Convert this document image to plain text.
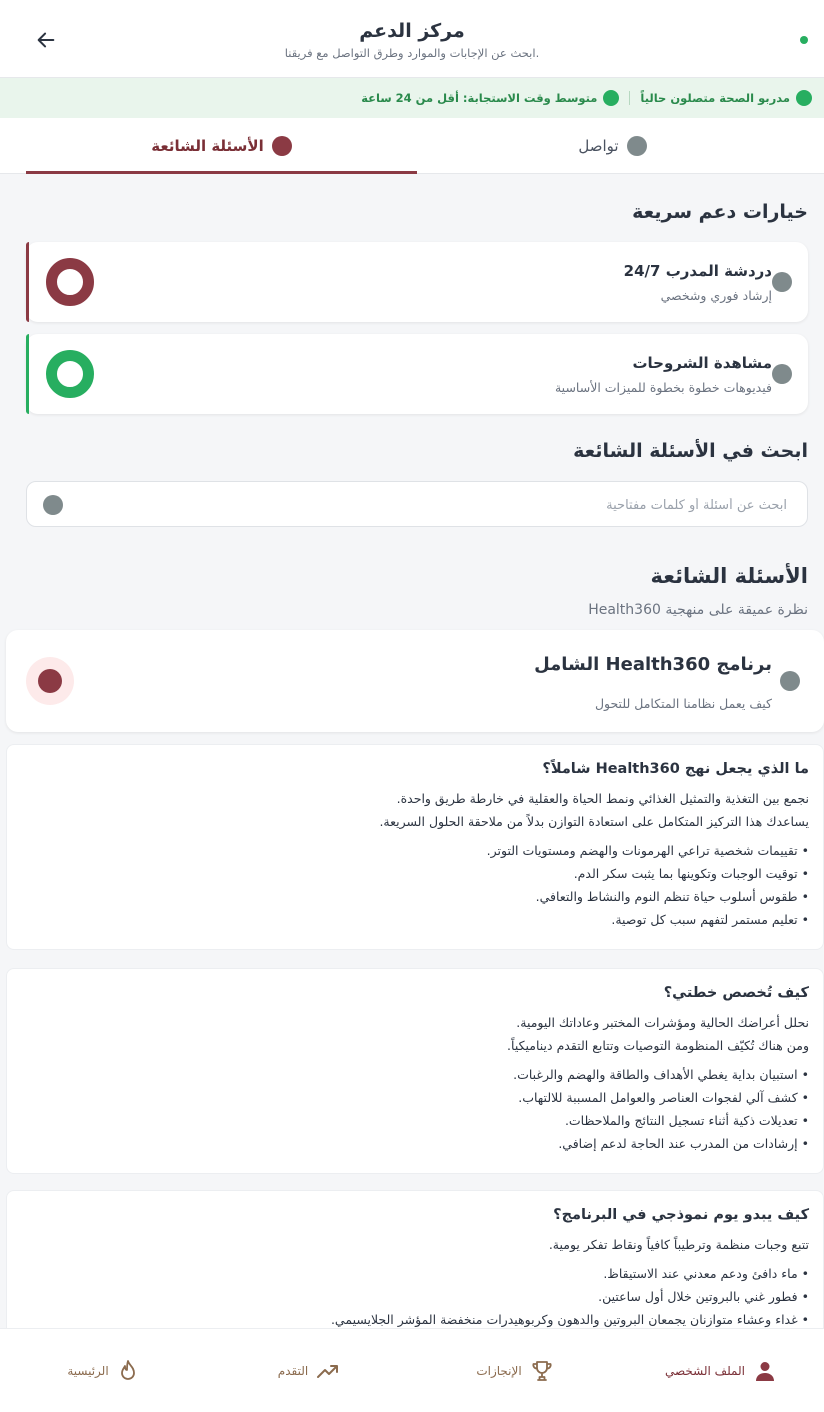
مركز الدعم
ابحث عن الإجابات والموارد وطرق التواصل مع فريقنا.
مدربو الصحة متصلون حالياً
متوسط وقت الاستجابة: أقل من 24 ساعة
الأسئلة الشائعة	تواصل
خيارات دعم سريعة
دردشة المدرب 24/7
إرشاد فوري وشخصي
مشاهدة الشروحات
فيديوهات خطوة بخطوة للميزات الأساسية
ابحث في الأسئلة الشائعة
ابحث عن أسئلة أو كلمات مفتاحية
الأسئلة الشائعة
نظرة عميقة على منهجية Health360
برنامج Health360 الشامل
كيف يعمل نظامنا المتكامل للتحول
ما الذي يجعل نهج Health360 شاملاً؟
نجمع بين التغذية والتمثيل الغذائي ونمط الحياة والعقلية في خارطة طريق واحدة.
يساعدك هذا التركيز المتكامل على استعادة التوازن بدلاً من ملاحقة الحلول السريعة.
• تقييمات شخصية تراعي الهرمونات والهضم ومستويات التوتر.
• توقيت الوجبات وتكوينها بما يثبت سكر الدم.
• طقوس أسلوب حياة تنظم النوم والنشاط والتعافي.
• تعليم مستمر لتفهم سبب كل توصية.
كيف تُخصص خطتي؟
نحلل أعراضك الحالية ومؤشرات المختبر وعاداتك اليومية.
ومن هناك تُكيّف المنظومة التوصيات وتتابع التقدم ديناميكياً.
• استبيان بداية يغطي الأهداف والطاقة والهضم والرغبات.
• كشف آلي لفجوات العناصر والعوامل المسببة للالتهاب.
• تعديلات ذكية أثناء تسجيل النتائج والملاحظات.
• إرشادات من المدرب عند الحاجة لدعم إضافي.
كيف يبدو يوم نموذجي في البرنامج؟
تتبع وجبات منظمة وترطيباً كافياً ونقاط تفكر يومية.
• ماء دافئ ودعم معدني عند الاستيقاظ.
• فطور غني بالبروتين خلال أول ساعتين.
• غداء وعشاء متوازنان يجمعان البروتين والدهون وكربوهيدرات منخفضة المؤشر الجلايسيمي.
الملف الشخصي
الإنجازات
التقدم
الرئيسية
